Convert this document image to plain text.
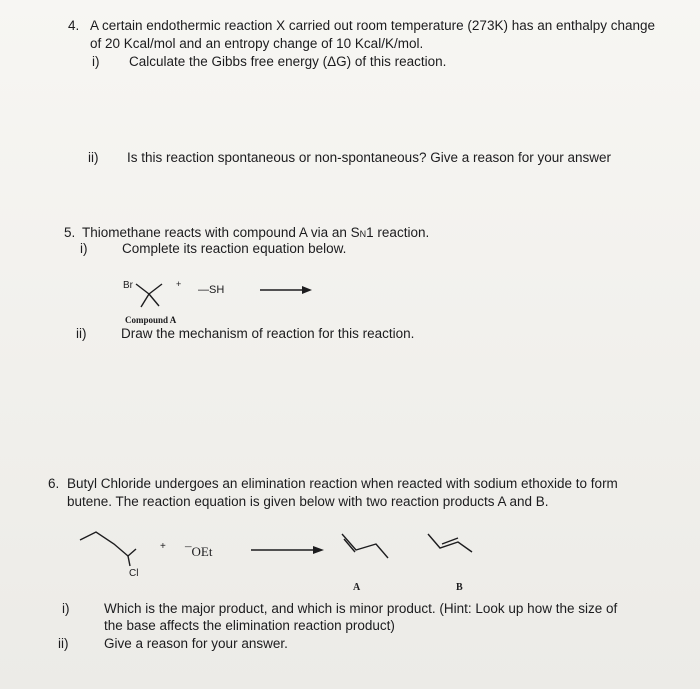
4. A certain endothermic reaction X carried out room temperature (273K) has an enthalpy change
of 20 Kcal/mol and an entropy change of 10 Kcal/K/mol.
i) Calculate the Gibbs free energy (ΔG) of this reaction.
ii) Is this reaction spontaneous or non-spontaneous? Give a reason for your answer
5. Thiomethane reacts with compound A via an SN1 reaction.
i)	Complete its reaction equation below.
Br	+ —SH
Compound A
ii)	Draw the mechanism of reaction for this reaction.
6. Butyl Chloride undergoes an elimination reaction when reacted with sodium ethoxide to form
butene. The reaction equation is given below with two reaction products A and B.
+ ¯OEt
Cl
A	B
i)	Which is the major product, and which is minor product. (Hint: Look up how the size of
the base affects the elimination reaction product)
ii)	Give a reason for your answer.
